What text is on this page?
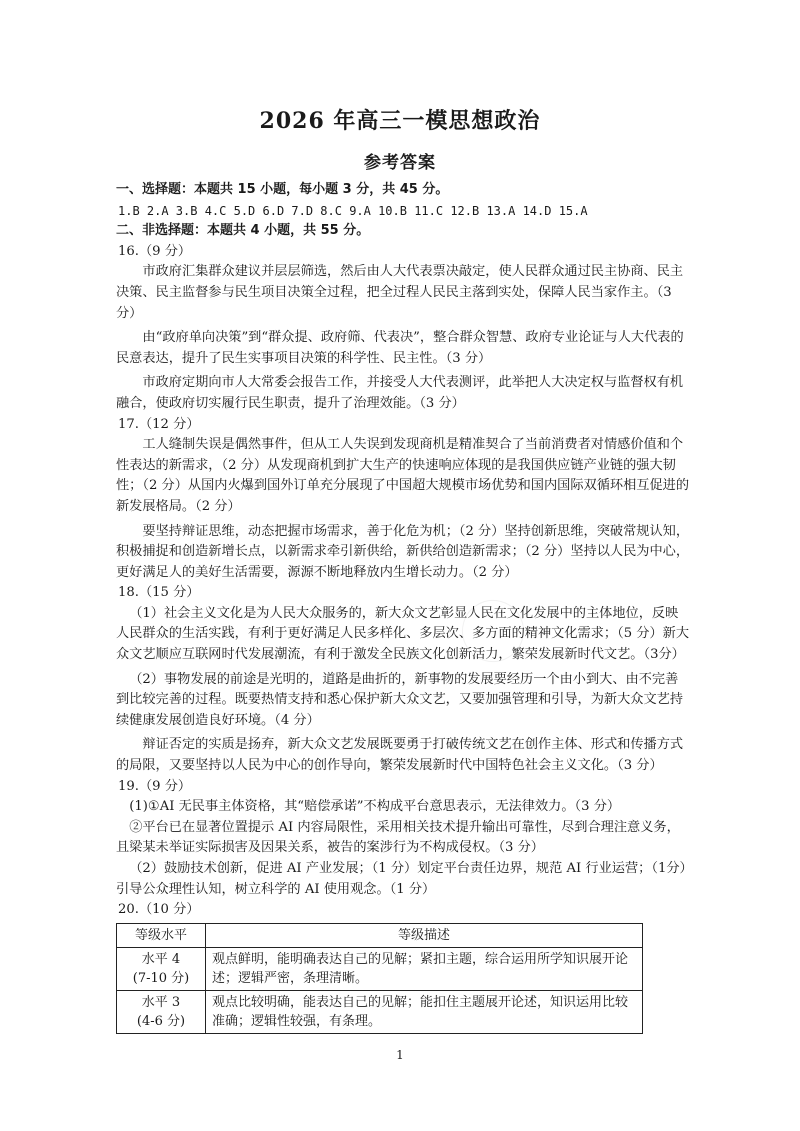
2026 年高三一模思想政治
参考答案

一、选择题：本题共 15 小题，每小题 3 分，共 45 分。

1.B 2.A 3.B 4.C 5.D 6.D 7.D 8.C 9.A 10.B 11.C 12.B 13.A 14.D 15.A

二、非选择题：本题共 4 小题，共 55 分。

16.（9 分）

市政府汇集群众建议并层层筛选，然后由人大代表票决敲定，使人民群众通过民主协商、民主决策、民主监督参与民生项目决策全过程，把全过程人民民主落到实处，保障人民当家作主。（3分）

由“政府单向决策”到“群众提、政府筛、代表决”，整合群众智慧、政府专业论证与人大代表的民意表达，提升了民生实事项目决策的科学性、民主性。（3 分）

市政府定期向市人大常委会报告工作，并接受人大代表测评，此举把人大决定权与监督权有机融合，使政府切实履行民生职责，提升了治理效能。（3 分）

17.（12 分）

工人缝制失误是偶然事件，但从工人失误到发现商机是精准契合了当前消费者对情感价值和个性表达的新需求，（2 分）从发现商机到扩大生产的快速响应体现的是我国供应链产业链的强大韧性；（2 分）从国内火爆到国外订单充分展现了中国超大规模市场优势和国内国际双循环相互促进的新发展格局。（2 分）

要坚持辩证思维，动态把握市场需求，善于化危为机；（2 分）坚持创新思维，突破常规认知，积极捕捉和创造新增长点，以新需求牵引新供给，新供给创造新需求；（2 分）坚持以人民为中心，更好满足人的美好生活需要，源源不断地释放内生增长动力。（2 分）

18.（15 分）

（1）社会主义文化是为人民大众服务的，新大众文艺彰显人民在文化发展中的主体地位，反映人民群众的生活实践，有利于更好满足人民多样化、多层次、多方面的精神文化需求；（5 分）新大众文艺顺应互联网时代发展潮流，有利于激发全民族文化创新活力，繁荣发展新时代文艺。（3分）

（2）事物发展的前途是光明的，道路是曲折的，新事物的发展要经历一个由小到大、由不完善到比较完善的过程。既要热情支持和悉心保护新大众文艺，又要加强管理和引导，为新大众文艺持续健康发展创造良好环境。（4 分）

辩证否定的实质是扬弃，新大众文艺发展既要勇于打破传统文艺在创作主体、形式和传播方式的局限，又要坚持以人民为中心的创作导向，繁荣发展新时代中国特色社会主义文化。（3 分）

19.（9 分）

(1)①AI 无民事主体资格，其“赔偿承诺”不构成平台意思表示，无法律效力。（3 分）

②平台已在显著位置提示 AI 内容局限性，采用相关技术提升输出可靠性，尽到合理注意义务，且梁某未举证实际损害及因果关系，被告的案涉行为不构成侵权。（3 分）

（2）鼓励技术创新，促进 AI 产业发展；（1 分）划定平台责任边界，规范 AI 行业运营；（1分）引导公众理性认知，树立科学的 AI 使用观念。（1 分）

20.（10 分）

等级水平	等级描述

水平 4
(7-10 分)	观点鲜明，能明确表达自己的见解；紧扣主题，综合运用所学知识展开论述；逻辑严密，条理清晰。

水平 3
(4-6 分)	观点比较明确，能表达自己的见解；能扣住主题展开论述，知识运用比较准确；逻辑性较强，有条理。
1
